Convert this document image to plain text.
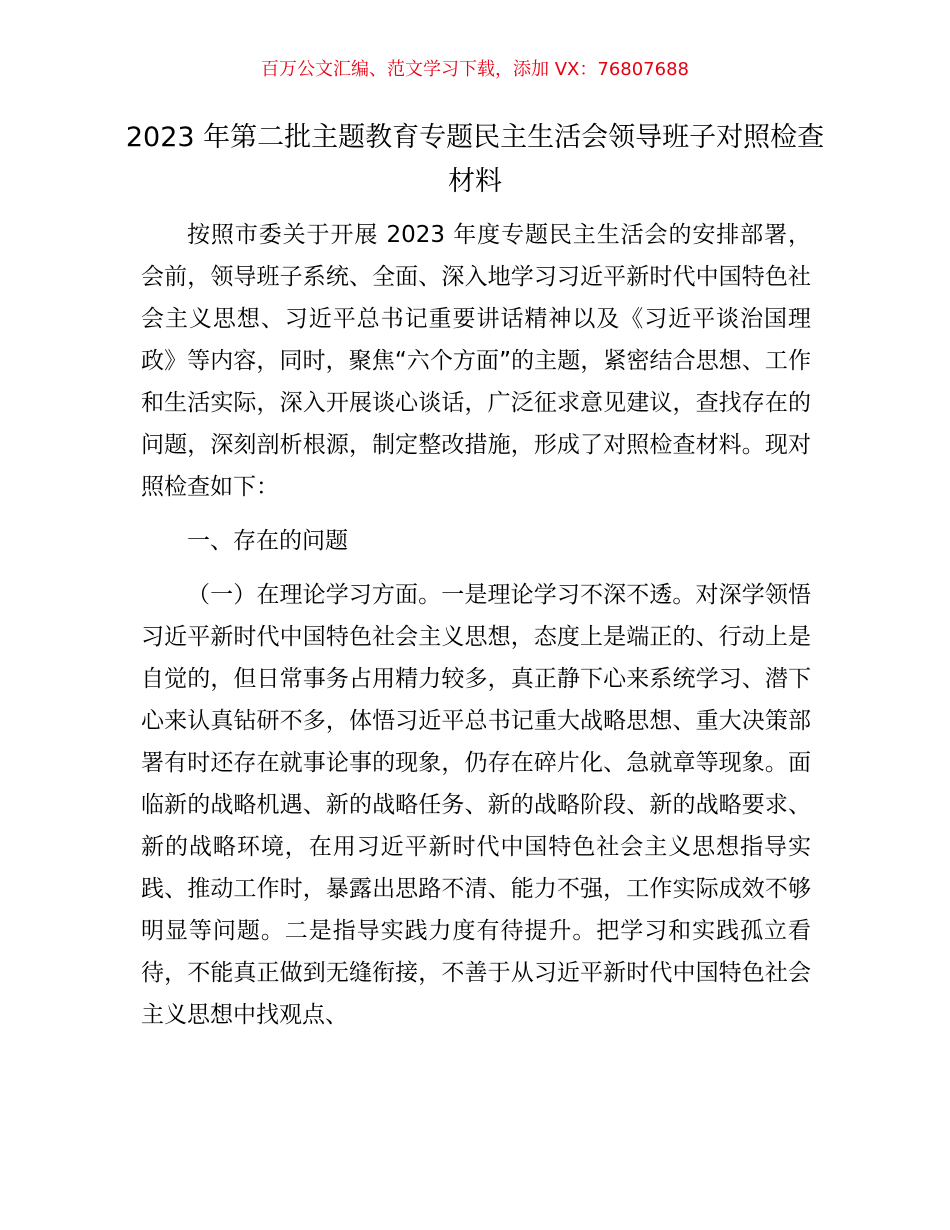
百万公文汇编、范文学习下载，添加 VX：76807688
2023 年第二批主题教育专题民主生活会领导班子对照检查材料

按照市委关于开展 2023 年度专题民主生活会的安排部署，会前，领导班子系统、全面、深入地学习习近平新时代中国特色社会主义思想、习近平总书记重要讲话精神以及《习近平谈治国理政》等内容，同时，聚焦“六个方面”的主题，紧密结合思想、工作和生活实际，深入开展谈心谈话，广泛征求意见建议，查找存在的问题，深刻剖析根源，制定整改措施，形成了对照检查材料。现对照检查如下：

一、存在的问题

（一）在理论学习方面。一是理论学习不深不透。对深学领悟习近平新时代中国特色社会主义思想，态度上是端正的、行动上是自觉的，但日常事务占用精力较多，真正静下心来系统学习、潜下心来认真钻研不多，体悟习近平总书记重大战略思想、重大决策部署有时还存在就事论事的现象，仍存在碎片化、急就章等现象。面临新的战略机遇、新的战略任务、新的战略阶段、新的战略要求、新的战略环境，在用习近平新时代中国特色社会主义思想指导实践、推动工作时，暴露出思路不清、能力不强，工作实际成效不够明显等问题。二是指导实践力度有待提升。把学习和实践孤立看待，不能真正做到无缝衔接，不善于从习近平新时代中国特色社会主义思想中找观点、
